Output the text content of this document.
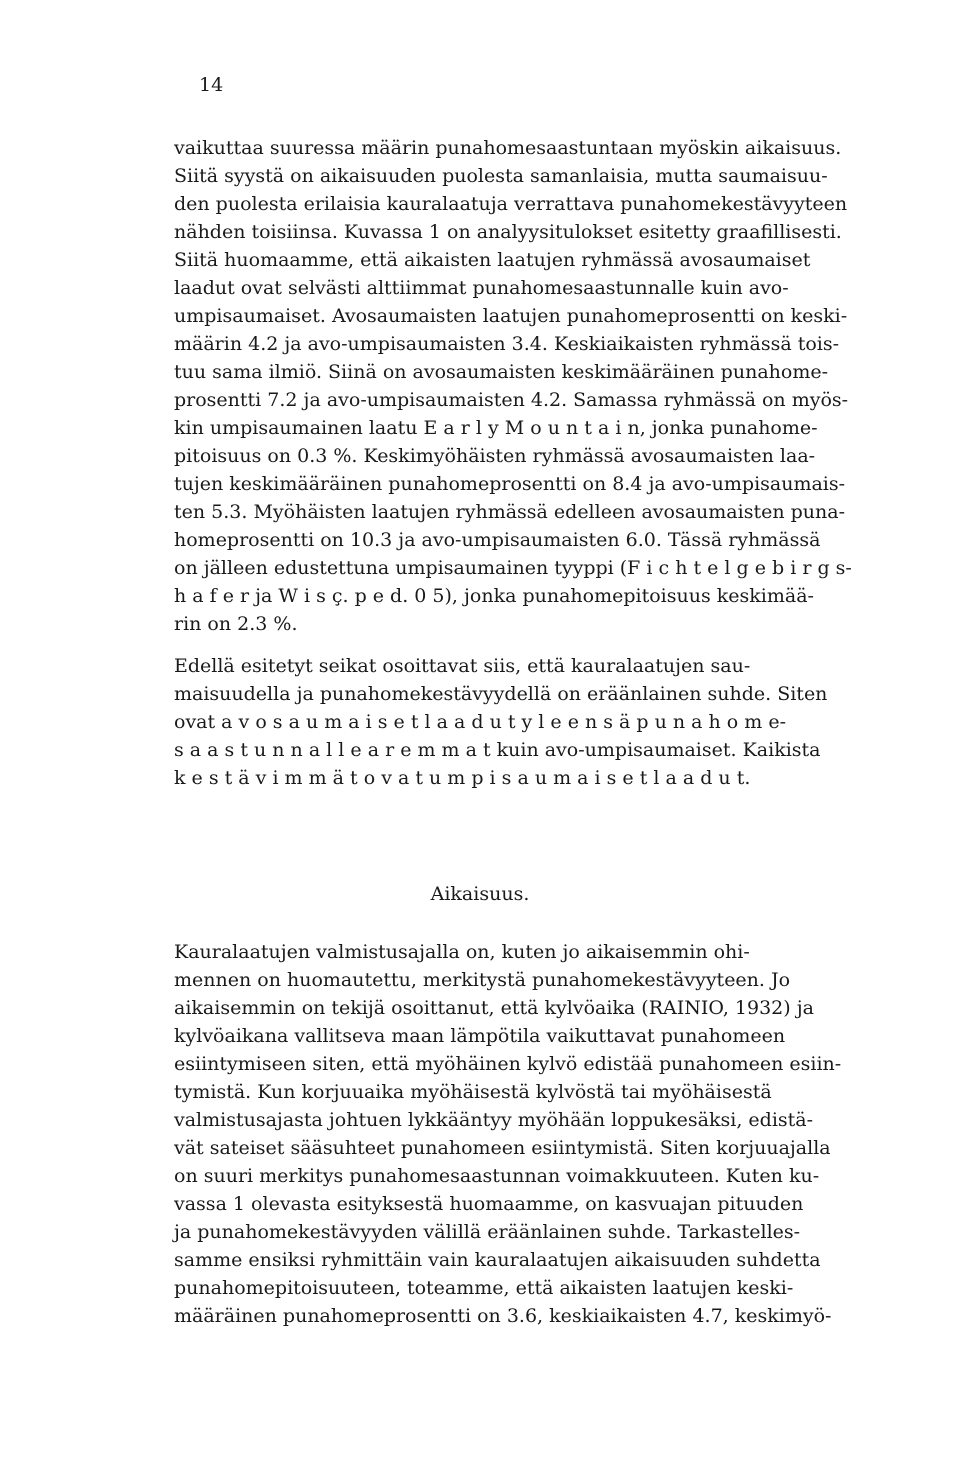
14
vaikuttaa suuressa määrin punahomesaastuntaan myöskin aikaisuus.
Siitä syystä on aikaisuuden puolesta samanlaisia, mutta saumaisuu-
den puolesta erilaisia kauralaatuja verrattava punahomekestävyyteen
nähden toisiinsa. Kuvassa 1 on analyysitulokset esitetty graafillisesti.
Siitä huomaamme, että aikaisten laatujen ryhmässä avosaumaiset
laadut ovat selvästi alttiimmat punahomesaastunnalle kuin avo-
umpisaumaiset. Avosaumaisten laatujen punahomeprosentti on keski-
määrin 4.2 ja avo-umpisaumaisten 3.4. Keskiaikaisten ryhmässä tois-
tuu sama ilmiö. Siinä on avosaumaisten keskimääräinen punahome-
prosentti 7.2 ja avo-umpisaumaisten 4.2. Samassa ryhmässä on myös-
kin umpisaumainen laatu E a r l y M o u n t a i n, jonka punahome-
pitoisuus on 0.3 %. Keskimyöhäisten ryhmässä avosaumaisten laa-
tujen keskimääräinen punahomeprosentti on 8.4 ja avo-umpisaumais-
ten 5.3. Myöhäisten laatujen ryhmässä edelleen avosaumaisten puna-
homeprosentti on 10.3 ja avo-umpisaumaisten 6.0. Tässä ryhmässä
on jälleen edustettuna umpisaumainen tyyppi (F i c h t e l g e b i r g s-
h a f e r ja W i s ç. p e d. 0 5), jonka punahomepitoisuus keskimää-
rin on 2.3 %.
Edellä esitetyt seikat osoittavat siis, että kauralaatujen sau-
maisuudella ja punahomekestävyydellä on eräänlainen suhde. Siten
ovat a v o s a u m a i s e t l a a d u t y l e e n s ä p u n a h o m e-
s a a s t u n n a l l e a r e m m a t kuin avo-umpisaumaiset. Kaikista
k e s t ä v i m m ä t o v a t u m p i s a u m a i s e t l a a d u t.
Aikaisuus.
Kauralaatujen valmistusajalla on, kuten jo aikaisemmin ohi-
mennen on huomautettu, merkitystä punahomekestävyyteen. Jo
aikaisemmin on tekijä osoittanut, että kylvöaika (RAINIO, 1932) ja
kylvöaikana vallitseva maan lämpötila vaikuttavat punahomeen
esiintymiseen siten, että myöhäinen kylvö edistää punahomeen esiin-
tymistä. Kun korjuuaika myöhäisestä kylvöstä tai myöhäisestä
valmistusajasta johtuen lykkääntyy myöhään loppukesäksi, edistä-
vät sateiset sääsuhteet punahomeen esiintymistä. Siten korjuuajalla
on suuri merkitys punahomesaastunnan voimakkuuteen. Kuten ku-
vassa 1 olevasta esityksestä huomaamme, on kasvuajan pituuden
ja punahomekestävyyden välillä eräänlainen suhde. Tarkastelles-
samme ensiksi ryhmittäin vain kauralaatujen aikaisuuden suhdetta
punahomepitoisuuteen, toteamme, että aikaisten laatujen keski-
määräinen punahomeprosentti on 3.6, keskiaikaisten 4.7, keskimyö-
